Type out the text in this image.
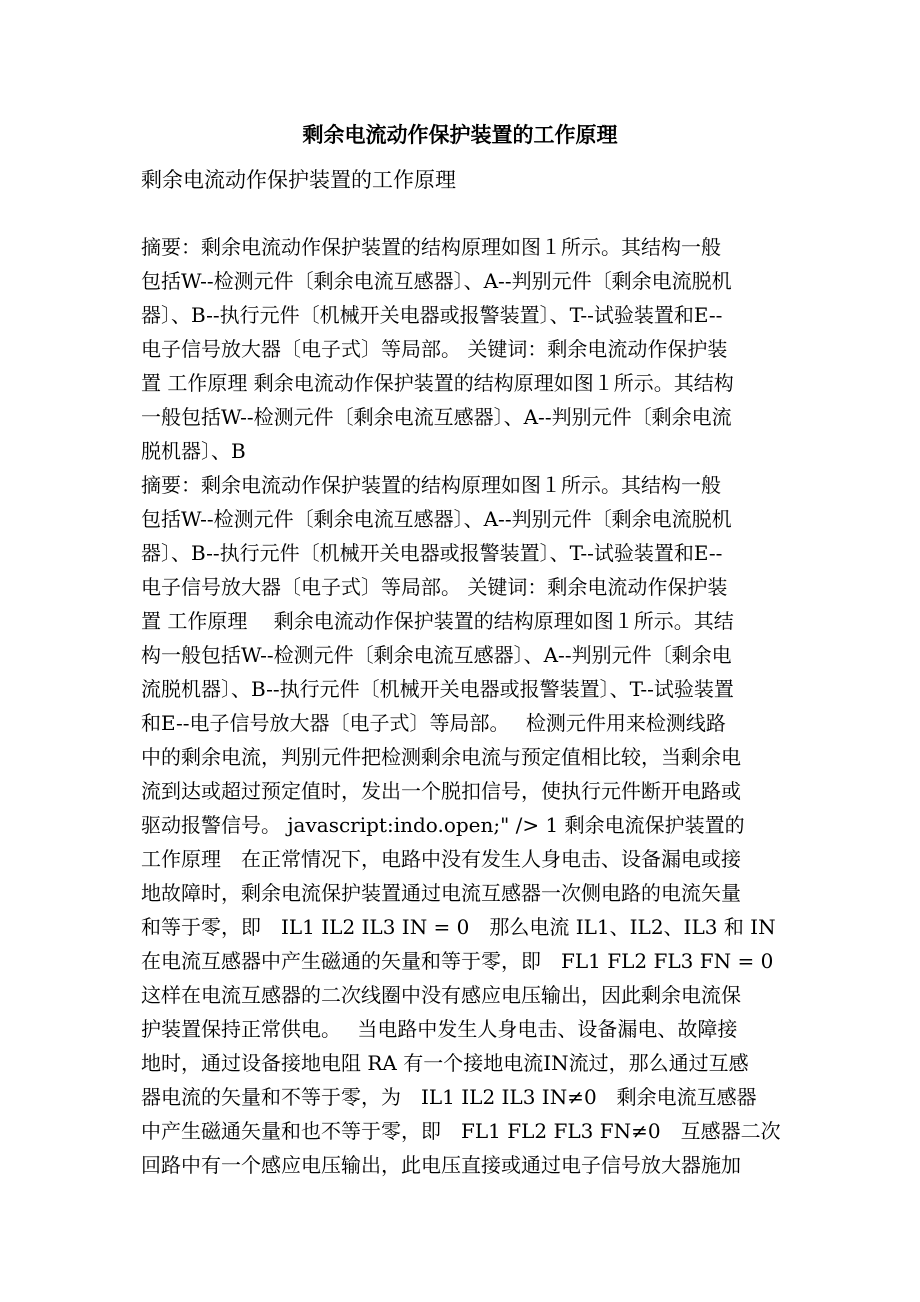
剩余电流动作保护装置的工作原理

剩余电流动作保护装置的工作原理

摘要：剩余电流动作保护装置的结构原理如图１所示。其结构一般
包括W--检测元件〔剩余电流互感器〕、A--判别元件〔剩余电流脱机
器〕、B--执行元件〔机械开关电器或报警装置〕、T--试验装置和E--
电子信号放大器〔电子式〕等局部。 关键词：剩余电流动作保护装
置 工作原理 剩余电流动作保护装置的结构原理如图１所示。其结构
一般包括W--检测元件〔剩余电流互感器〕、A--判别元件〔剩余电流
脱机器〕、B
摘要：剩余电流动作保护装置的结构原理如图１所示。其结构一般
包括W--检测元件〔剩余电流互感器〕、A--判别元件〔剩余电流脱机
器〕、B--执行元件〔机械开关电器或报警装置〕、T--试验装置和E--
电子信号放大器〔电子式〕等局部。 关键词：剩余电流动作保护装
置 工作原理　 剩余电流动作保护装置的结构原理如图１所示。其结
构一般包括W--检测元件〔剩余电流互感器〕、A--判别元件〔剩余电
流脱机器〕、B--执行元件〔机械开关电器或报警装置〕、T--试验装置
和E--电子信号放大器〔电子式〕等局部。　 检测元件用来检测线路
中的剩余电流，判别元件把检测剩余电流与预定值相比较，当剩余电
流到达或超过预定值时，发出一个脱扣信号，使执行元件断开电路或
驱动报警信号。 javascript:indo.open;" /> 1 剩余电流保护装置的
工作原理　在正常情况下，电路中没有发生人身电击、设备漏电或接
地故障时，剩余电流保护装置通过电流互感器一次侧电路的电流矢量
和等于零，即　IL1 IL2 IL3 IN = 0　那么电流 IL1、IL2、IL3 和 IN
在电流互感器中产生磁通的矢量和等于零，即　FL1 FL2 FL3 FN = 0
这样在电流互感器的二次线圈中没有感应电压输出，因此剩余电流保
护装置保持正常供电。　 当电路中发生人身电击、设备漏电、故障接
地时，通过设备接地电阻 RA 有一个接地电流IN流过，那么通过互感
器电流的矢量和不等于零，为　IL1 IL2 IL3 IN≠0　剩余电流互感器
中产生磁通矢量和也不等于零，即　FL1 FL2 FL3 FN≠0　互感器二次
回路中有一个感应电压输出，此电压直接或通过电子信号放大器施加
